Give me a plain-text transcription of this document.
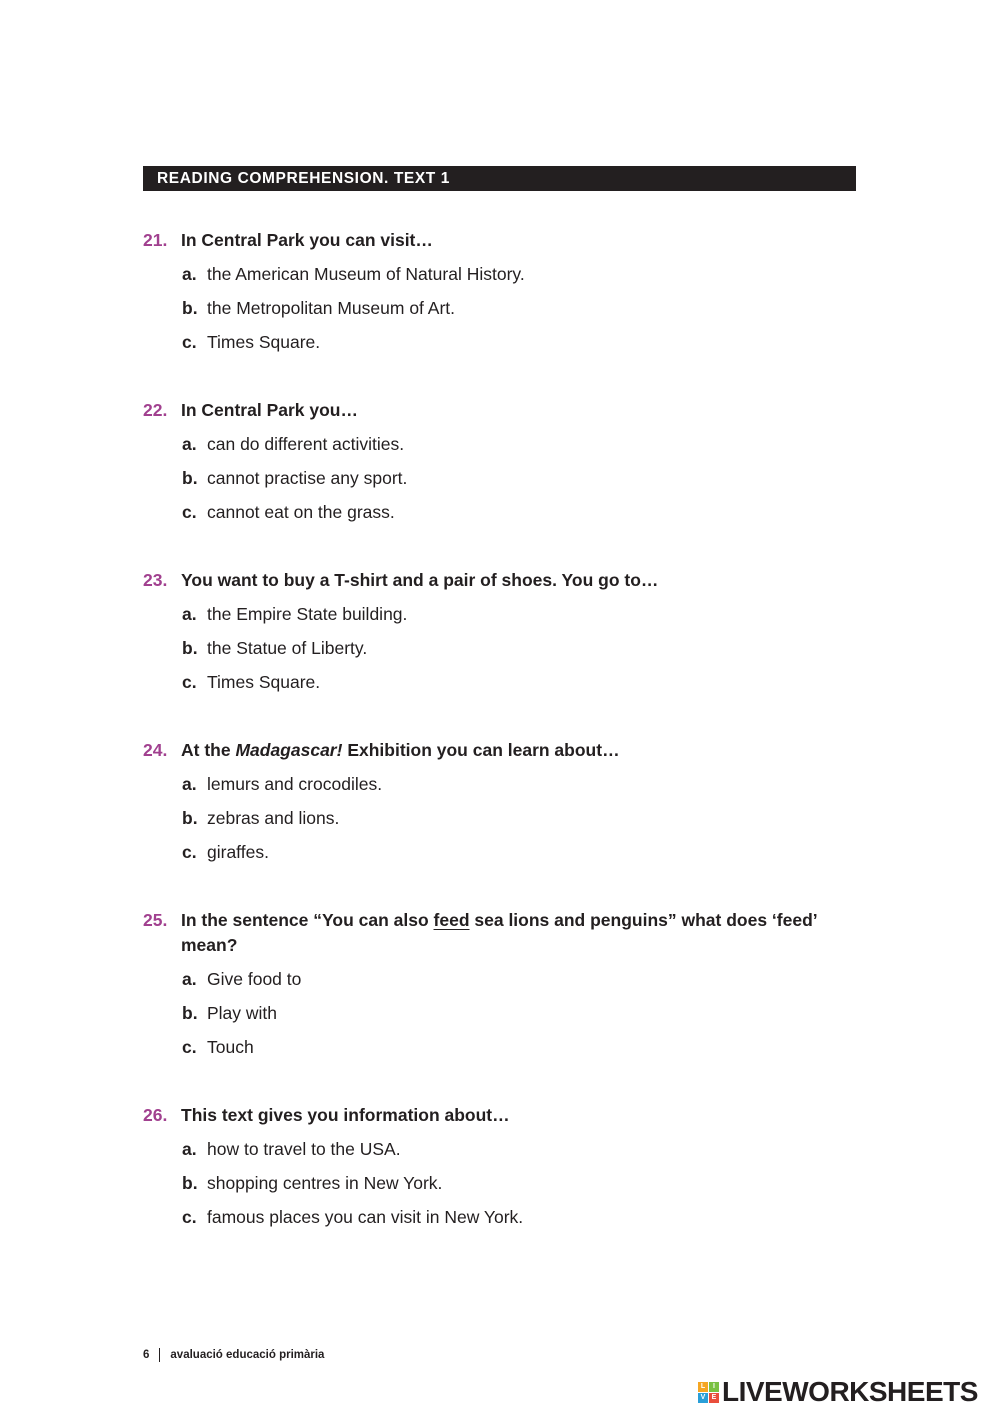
READING COMPREHENSION. TEXT 1
21. In Central Park you can visit…
a. the American Museum of Natural History.
b. the Metropolitan Museum of Art.
c. Times Square.
22. In Central Park you…
a. can do different activities.
b. cannot practise any sport.
c. cannot eat on the grass.
23. You want to buy a T-shirt and a pair of shoes. You go to…
a. the Empire State building.
b. the Statue of Liberty.
c. Times Square.
24. At the Madagascar! Exhibition you can learn about…
a. lemurs and crocodiles.
b. zebras and lions.
c. giraffes.
25. In the sentence “You can also feed sea lions and penguins” what does ‘feed’ mean?
a. Give food to
b. Play with
c. Touch
26. This text gives you information about…
a. how to travel to the USA.
b. shopping centres in New York.
c. famous places you can visit in New York.
6 avaluació educació primària
L	I
V E LIVEWORKSHEETS
